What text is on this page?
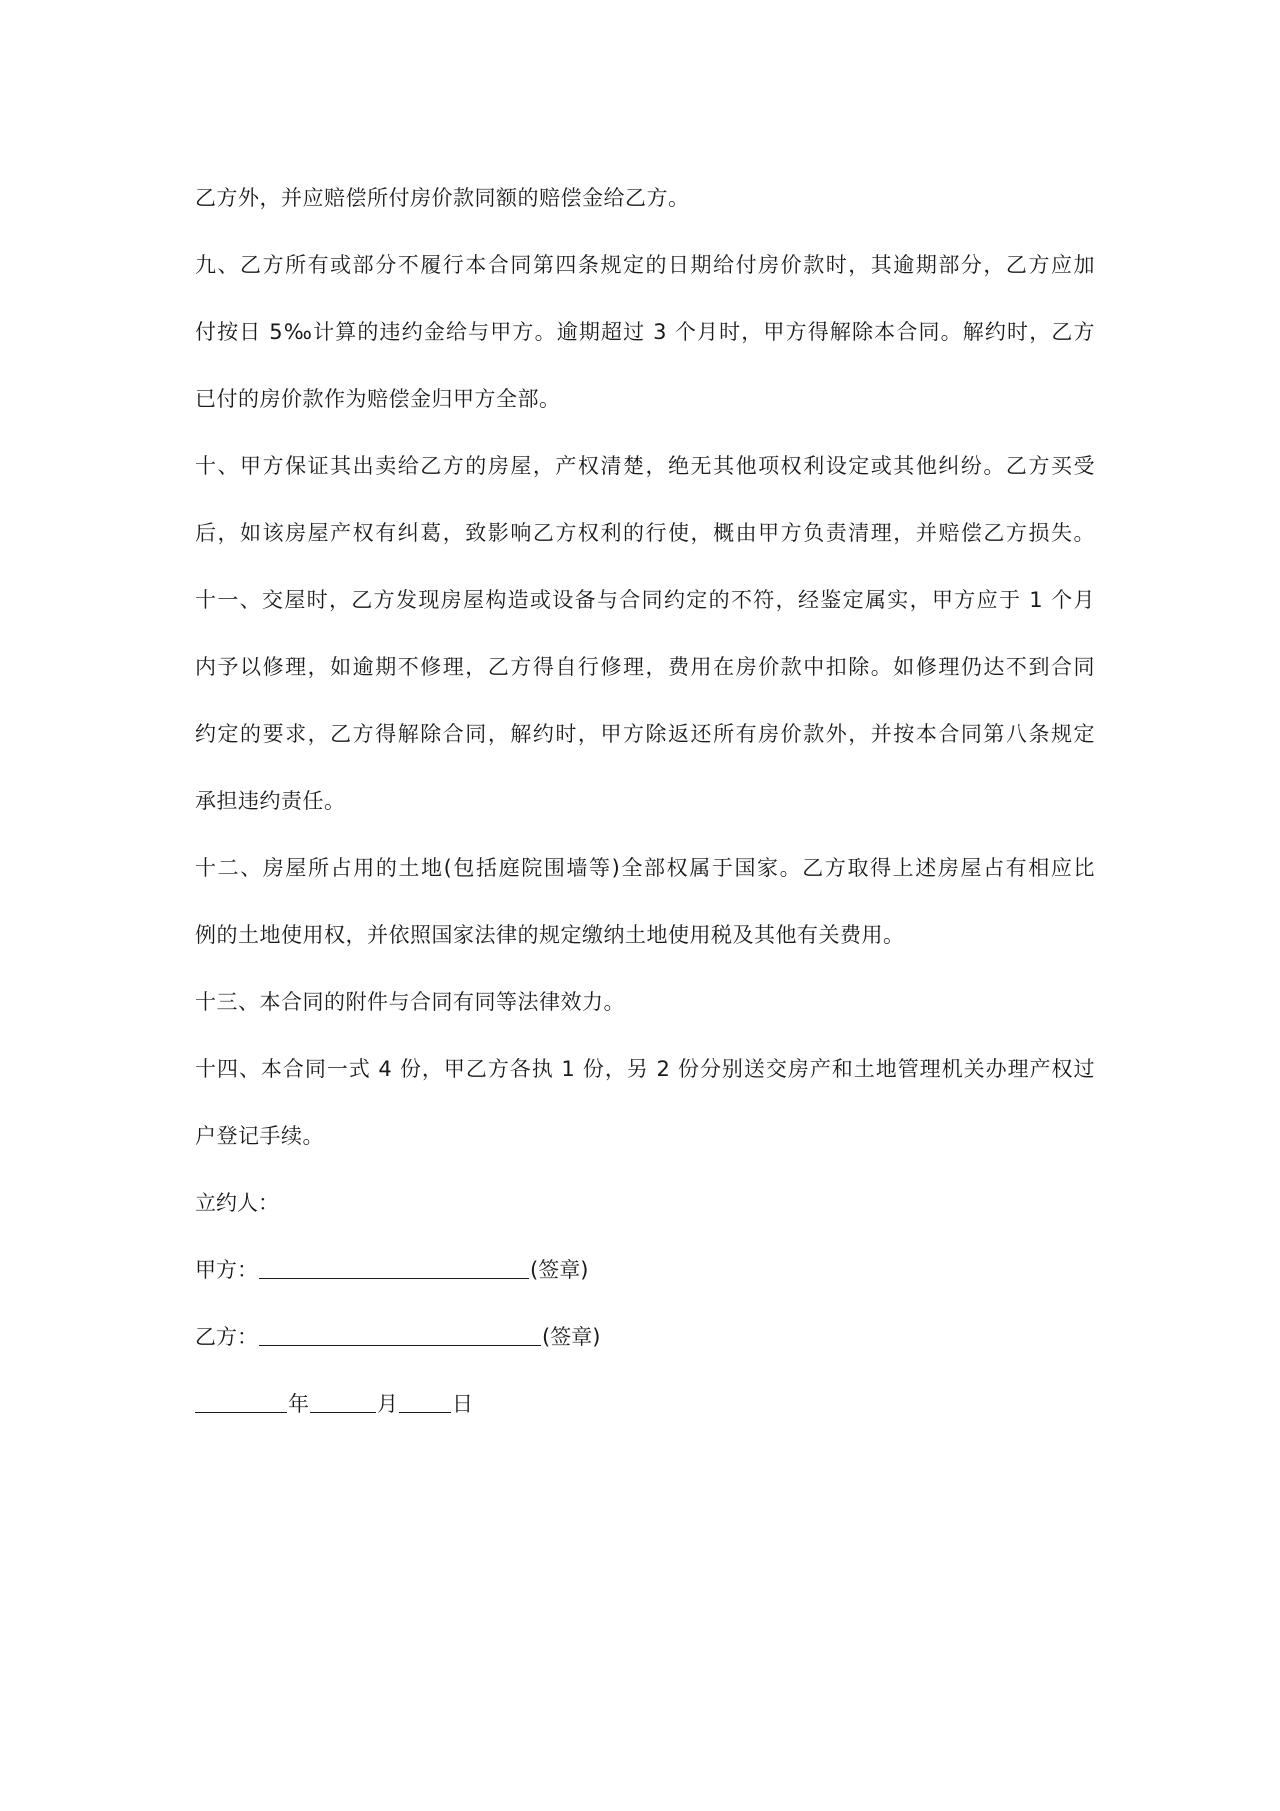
乙方外，并应赔偿所付房价款同额的赔偿金给乙方。
九、乙方所有或部分不履行本合同第四条规定的日期给付房价款时，其逾期部分，乙方应加
付按日 5‰计算的违约金给与甲方。逾期超过 3 个月时，甲方得解除本合同。解约时，乙方
已付的房价款作为赔偿金归甲方全部。
十、甲方保证其出卖给乙方的房屋，产权清楚，绝无其他项权利设定或其他纠纷。乙方买受
后，如该房屋产权有纠葛，致影响乙方权利的行使，概由甲方负责清理，并赔偿乙方损失。
十一、交屋时，乙方发现房屋构造或设备与合同约定的不符，经鉴定属实，甲方应于 1 个月
内予以修理，如逾期不修理，乙方得自行修理，费用在房价款中扣除。如修理仍达不到合同
约定的要求，乙方得解除合同，解约时，甲方除返还所有房价款外，并按本合同第八条规定
承担违约责任。
十二、房屋所占用的土地(包括庭院围墙等)全部权属于国家。乙方取得上述房屋占有相应比
例的土地使用权，并依照国家法律的规定缴纳土地使用税及其他有关费用。
十三、本合同的附件与合同有同等法律效力。
十四、本合同一式 4 份，甲乙方各执 1 份，另 2 份分别送交房产和土地管理机关办理产权过
户登记手续。
立约人：
甲方：	(签章)
乙方：	(签章)
年	月	日
